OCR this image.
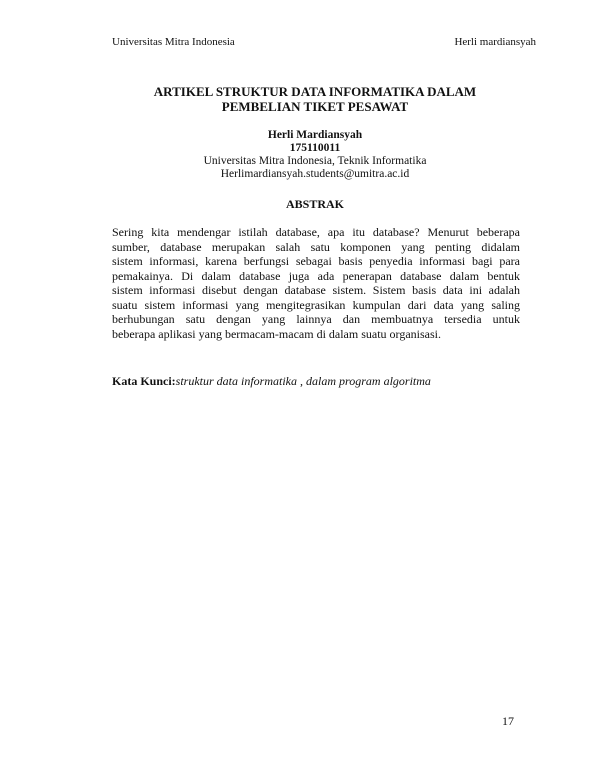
Universitas Mitra Indonesia	Herli mardiansyah
ARTIKEL STRUKTUR DATA INFORMATIKA DALAM
PEMBELIAN TIKET PESAWAT
Herli Mardiansyah
175110011
Universitas Mitra Indonesia, Teknik Informatika
Herlimardiansyah.students@umitra.ac.id
ABSTRAK
Sering kita mendengar istilah database, apa itu database? Menurut beberapa
sumber, database merupakan salah satu komponen yang penting didalam
sistem informasi, karena berfungsi sebagai basis penyedia informasi bagi para
pemakainya. Di dalam database juga ada penerapan database dalam bentuk
sistem informasi disebut dengan database sistem. Sistem basis data ini adalah
suatu sistem informasi yang mengitegrasikan kumpulan dari data yang saling
berhubungan satu dengan yang lainnya dan membuatnya tersedia untuk
beberapa aplikasi yang bermacam-macam di dalam suatu organisasi.
Kata Kunci:struktur data informatika , dalam program algoritma
17
